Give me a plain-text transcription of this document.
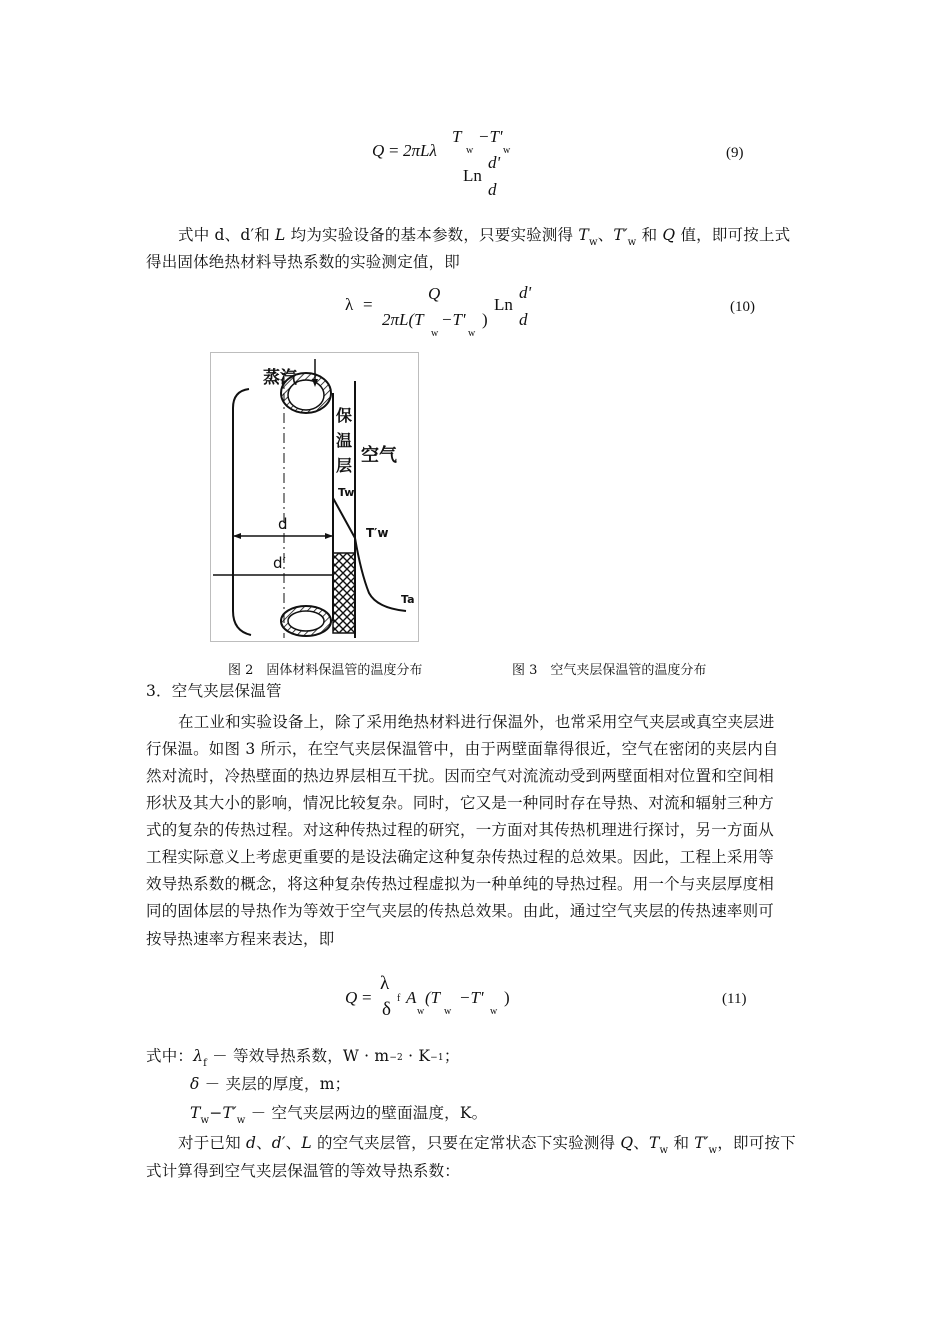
Q = 2πLλ
T
w
−T'
w
Ln
d'
d
(9)
式中 d、d′和 L 均为实验设备的基本参数，只要实验测得 $T_w$、$T'_w$ 和 Q 值，即可按上式
得出固体绝热材料导热系数的实验测定值，即
λ =
Q
2πL(T
w
−T'
w
)
Ln
d'
d
(10)
蒸汽
保
温
层
Tw
空气
d
d′
T′w
Ta
图 2　固体材料保温管的温度分布	图 3　空气夹层保温管的温度分布
3．空气夹层保温管
在工业和实验设备上，除了采用绝热材料进行保温外，也常采用空气夹层或真空夹层进
行保温。如图 3 所示，在空气夹层保温管中，由于两壁面靠得很近，空气在密闭的夹层内自
然对流时，冷热壁面的热边界层相互干扰。因而空气对流流动受到两壁面相对位置和空间相
形状及其大小的影响，情况比较复杂。同时，它又是一种同时存在导热、对流和辐射三种方
式的复杂的传热过程。对这种传热过程的研究，一方面对其传热机理进行探讨，另一方面从
工程实际意义上考虑更重要的是设法确定这种复杂传热过程的总效果。因此，工程上采用等
效导热系数的概念，将这种复杂传热过程虚拟为一种单纯的导热过程。用一个与夹层厚度相
同的固体层的导热作为等效于空气夹层的传热总效果。由此，通过空气夹层的传热速率则可
按导热速率方程来表达，即
Q =
λ
f
δ
A
w
(T
w
−T'
w
)	(11)
式中：$\lambda_f$ － 等效导热系数，W · m−2 · K−1；
δ － 夹层的厚度，m；
$T_w-T'_w$ － 空气夹层两边的壁面温度，K。
对于已知 d、d′、L 的空气夹层管，只要在定常状态下实验测得 Q、$T_w$ 和 $T'_w$，即可按下
式计算得到空气夹层保温管的等效导热系数：
